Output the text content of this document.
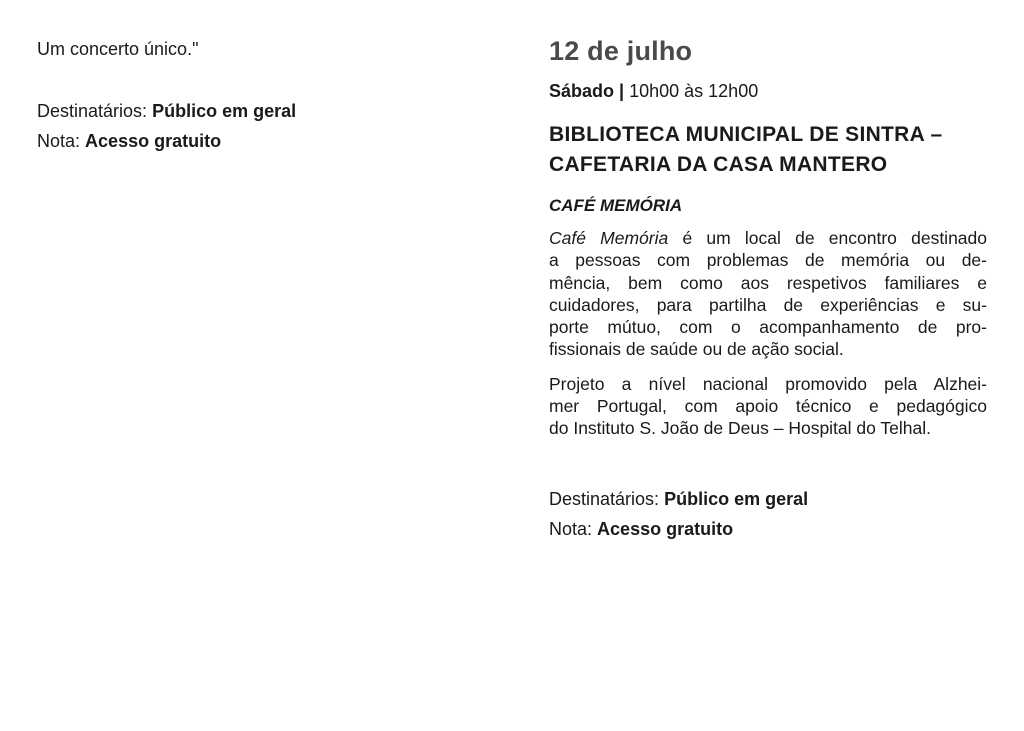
Um concerto único."

Destinatários: Público em geral

Nota: Acesso gratuito

12 de julho

Sábado | 10h00 às 12h00

BIBLIOTECA MUNICIPAL DE SINTRA –
CAFETARIA DA CASA MANTERO

CAFÉ MEMÓRIA

Café Memória é um local de encontro destinado
a pessoas com problemas de memória ou de-
mência, bem como aos respetivos familiares e
cuidadores, para partilha de experiências e su-
porte mútuo, com o acompanhamento de pro-
fissionais de saúde ou de ação social.
Projeto a nível nacional promovido pela Alzhei-
mer Portugal, com apoio técnico e pedagógico
do Instituto S. João de Deus – Hospital do Telhal.

Destinatários: Público em geral

Nota: Acesso gratuito
